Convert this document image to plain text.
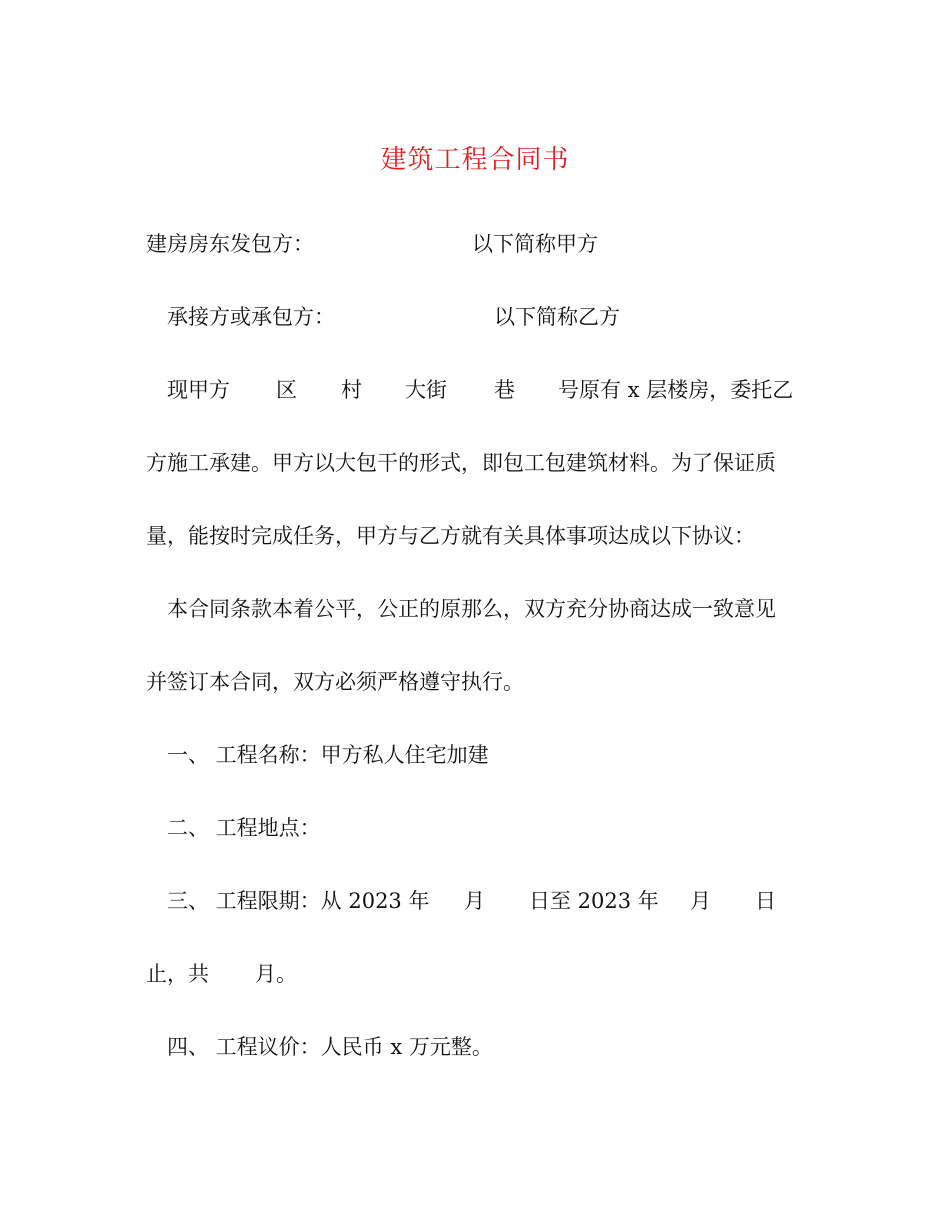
建筑工程合同书
建房房东发包方：	以下简称甲方
承接方或承包方：	以下简称乙方
现甲方 区 村 大街 巷 号原有 x 层楼房，委托乙
方施工承建。甲方以大包干的形式，即包工包建筑材料。为了保证质
量，能按时完成任务，甲方与乙方就有关具体事项达成以下协议：
本合同条款本着公平，公正的原那么，双方充分协商达成一致意见
并签订本合同，双方必须严格遵守执行。
一、 工程名称：甲方私人住宅加建
二、 工程地点：
三、 工程限期：从 2023 年 月 日至 2023 年 月 日
止，共 月。
四、 工程议价：人民币 x 万元整。
